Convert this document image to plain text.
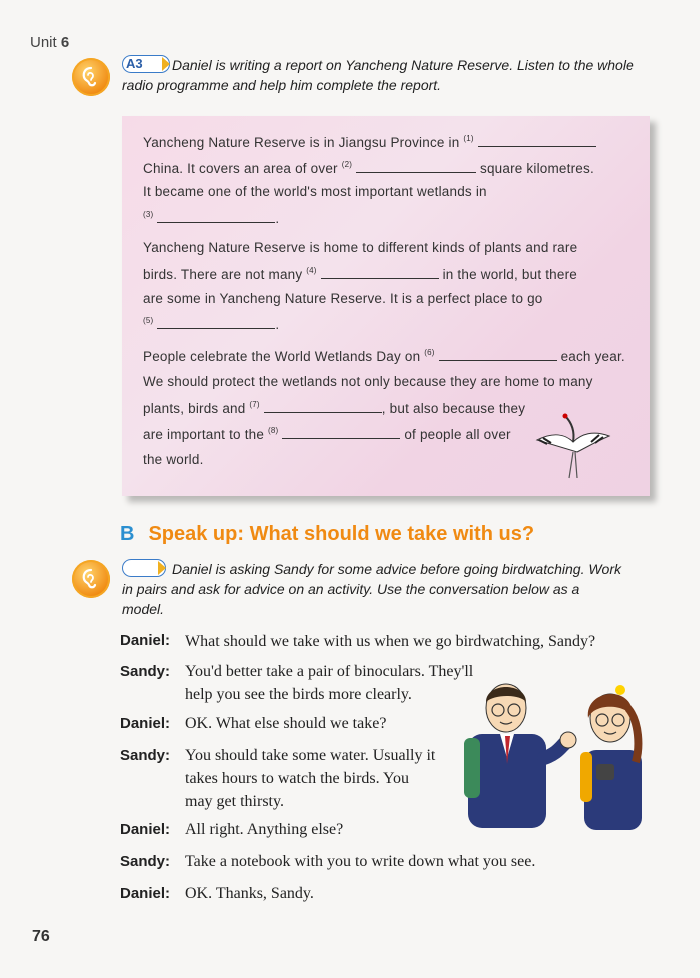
Unit 6
A3	Daniel is writing a report on Yancheng Nature Reserve. Listen to the whole
radio programme and help him complete the report.
Yancheng Nature Reserve is in Jiangsu Province in $^{(1)}$
China. It covers an area of over $^{(2)}$	square kilometres.
It became one of the world's most important wetlands in
$^{(3)}$	.
Yancheng Nature Reserve is home to different kinds of plants and rare
birds. There are not many $^{(4)}$	in the world, but there
are some in Yancheng Nature Reserve. It is a perfect place to go
$^{(5)}$	.
People celebrate the World Wetlands Day on $^{(6)}$	each year.
We should protect the wetlands not only because they are home to many
plants, birds and $^{(7)}$	, but also because they
are important to the $^{(8)}$	of people all over
the world.
B Speak up: What should we take with us?
Daniel is asking Sandy for some advice before going birdwatching. Work
in pairs and ask for advice on an activity. Use the conversation below as a
model.
Daniel: What should we take with us when we go birdwatching, Sandy?
Sandy: You'd better take a pair of binoculars. They'll
help you see the birds more clearly.
Daniel: OK. What else should we take?
Sandy: You should take some water. Usually it
takes hours to watch the birds. You
may get thirsty.
Daniel: All right. Anything else?
Sandy: Take a notebook with you to write down what you see.
Daniel: OK. Thanks, Sandy.
76
